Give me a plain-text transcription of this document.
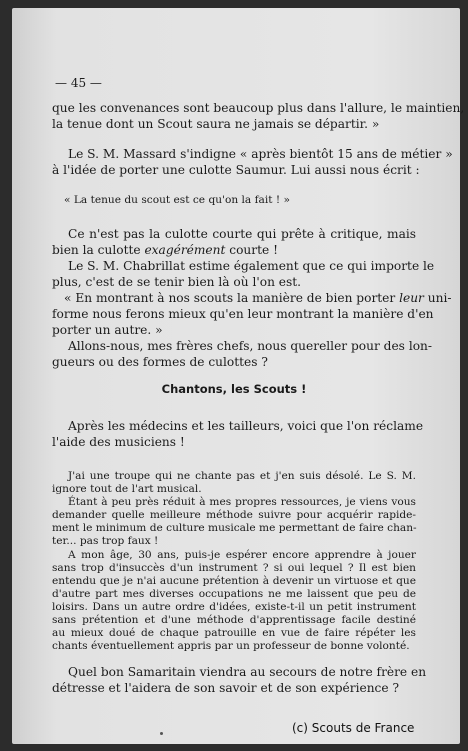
— 45 —
que les convenances sont beaucoup plus dans l'allure, le maintien,
la tenue dont un Scout saura ne jamais se départir. »
Le S. M. Massard s'indigne « après bientôt 15 ans de métier »
à l'idée de porter une culotte Saumur. Lui aussi nous écrit :
« La tenue du scout est ce qu'on la fait ! »
Ce n'est pas la culotte courte qui prête à critique, mais
bien la culotte exagérément courte !
Le S. M. Chabrillat estime également que ce qui importe le
plus, c'est de se tenir bien là où l'on est.
« En montrant à nos scouts la manière de bien porter leur uni-
forme nous ferons mieux qu'en leur montrant la manière d'en
porter un autre. »
Allons-nous, mes frères chefs, nous quereller pour des lon-
gueurs ou des formes de culottes ?
Chantons, les Scouts !
Après les médecins et les tailleurs, voici que l'on réclame
l'aide des musiciens !
J'ai une troupe qui ne chante pas et j'en suis désolé. Le S. M.
ignore tout de l'art musical.
Étant à peu près réduit à mes propres ressources, je viens vous
demander quelle meilleure méthode suivre pour acquérir rapide-
ment le minimum de culture musicale me permettant de faire chan-
ter... pas trop faux !
A mon âge, 30 ans, puis-je espérer encore apprendre à jouer
sans trop d'insuccès d'un instrument ? si oui lequel ? Il est bien
entendu que je n'ai aucune prétention à devenir un virtuose et que
d'autre part mes diverses occupations ne me laissent que peu de
loisirs. Dans un autre ordre d'idées, existe-t-il un petit instrument
sans prétention et d'une méthode d'apprentissage facile destiné
au mieux doué de chaque patrouille en vue de faire répéter les
chants éventuellement appris par un professeur de bonne volonté.
Quel bon Samaritain viendra au secours de notre frère en
détresse et l'aidera de son savoir et de son expérience ?
(c) Scouts de France
